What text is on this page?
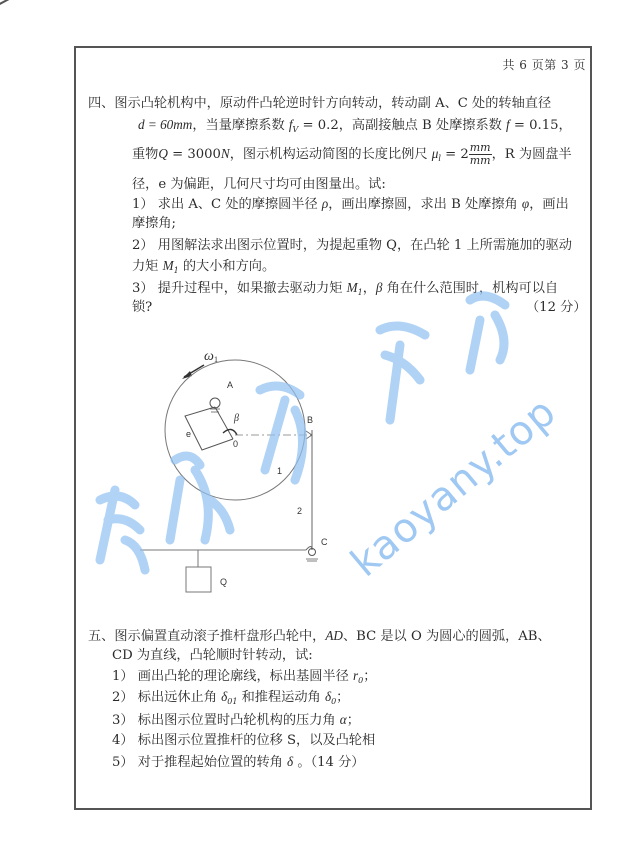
共 6 页第 3 页
四、图示凸轮机构中，原动件凸轮逆时针方向转动，转动副 A、C 处的转轴直径
d = 60mm，当量摩擦系数 $f_V = 0.2$，高副接触点 B 处摩擦系数 f = 0.15，
重物Q = 3000N，图示机构运动简图的长度比例尺 $\mu_l = 2 \frac{mm}{mm}$ ，R 为圆盘半
径，e 为偏距，几何尺寸均可由图量出。试:
1） 求出 A、C 处的摩擦圆半径 ρ，画出摩擦圆，求出 B 处摩擦角 φ，画出
摩擦角;
2） 用图解法求出图示位置时，为提起重物 Q，在凸轮 1 上所需施加的驱动
力矩 $M_1$ 的大小和方向。
3） 提升过程中，如果撤去驱动力矩 $M_1$，β 角在什么范围时，机构可以自
锁?	（12 分）
ω 1
A
B
C
0
e
β
1
2
Q
五、图示偏置直动滚子推杆盘形凸轮中，AD、BC 是以 O 为圆心的圆弧，AB、
CD 为直线，凸轮顺时针转动，试:
1） 画出凸轮的理论廓线，标出基圆半径 $r_0$；
2） 标出远休止角 $\delta_{01}$ 和推程运动角 $\delta_0$；
3） 标出图示位置时凸轮机构的压力角 α；
4） 标出图示位置推杆的位移 S，以及凸轮相
5） 对于推程起始位置的转角 δ 。（14 分）
kaoyany.top
